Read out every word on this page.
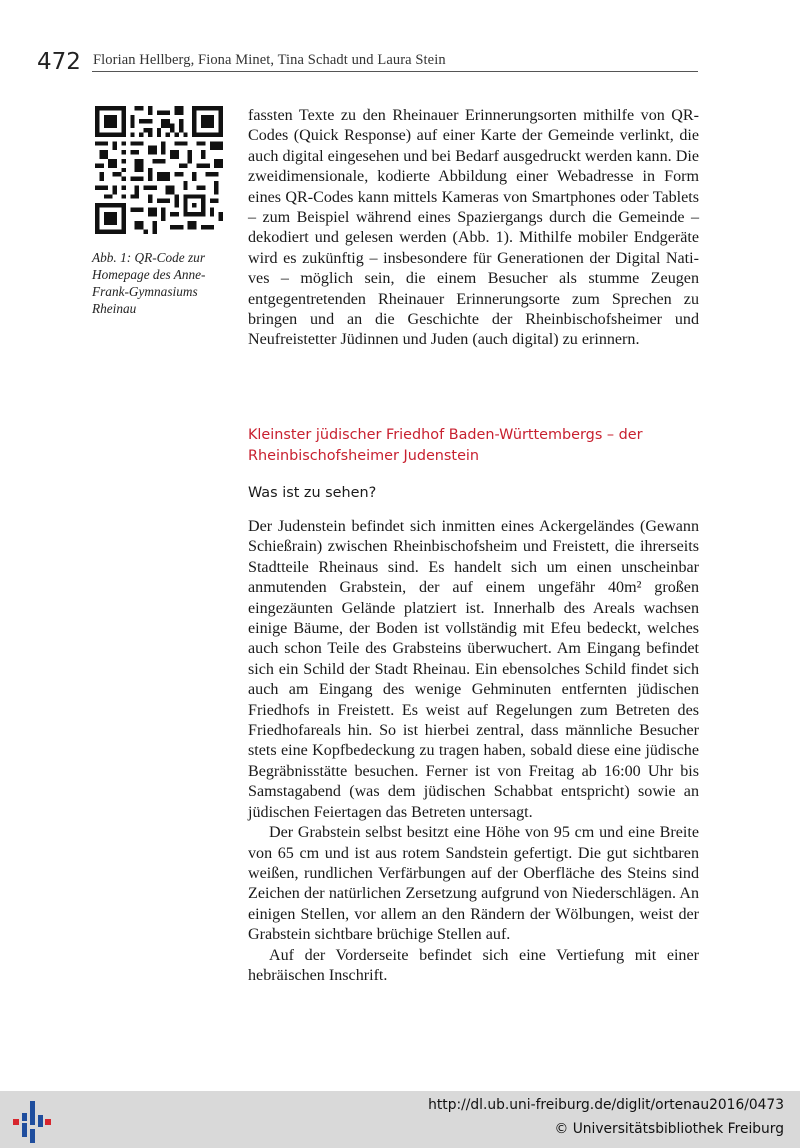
472 Florian Hellberg, Fiona Minet, Tina Schadt und Laura Stein
Abb. 1: QR-Code zur Homepage des Anne-Frank-Gymnasiums Rheinau

fassten Texte zu den Rheinauer Erinnerungsorten mithilfe von QR-Codes (Quick Response) auf einer Karte der Gemeinde verlinkt, die auch digital eingesehen und bei Bedarf ausgedruckt werden kann. Die zweidimensionale, kodierte Abbildung einer Webadresse in Form eines QR-Codes kann mittels Kameras von Smartphones oder Tablets – zum Beispiel während eines Spaziergangs durch die Gemeinde – dekodiert und gelesen werden (Abb. 1). Mithilfe mobiler Endgeräte wird es zukünftig – insbesondere für Generationen der Digital Natives – möglich sein, die einem Besucher als stumme Zeugen entgegentretenden Rheinauer Erinnerungsorte zum Sprechen zu bringen und an die Geschichte der Rheinbischofsheimer und Neufreistetter Jüdinnen und Juden (auch digital) zu erinnern.

Kleinster jüdischer Friedhof Baden-Württembergs – der Rheinbischofsheimer Judenstein
Was ist zu sehen?

Der Judenstein befindet sich inmitten eines Ackergeländes (Gewann Schießrain) zwischen Rheinbischofsheim und Freistett, die ihrerseits Stadtteile Rheinaus sind. Es handelt sich um einen unscheinbar anmutenden Grabstein, der auf einem ungefähr 40m² großen eingezäunten Gelände platziert ist. Innerhalb des Areals wachsen einige Bäume, der Boden ist vollständig mit Efeu bedeckt, welches auch schon Teile des Grabsteins überwuchert. Am Eingang befindet sich ein Schild der Stadt Rheinau. Ein ebensolches Schild findet sich auch am Eingang des wenige Gehminuten entfernten jüdischen Friedhofs in Freistett. Es weist auf Regelungen zum Betreten des Friedhofareals hin. So ist hierbei zentral, dass männliche Besucher stets eine Kopfbedeckung zu tragen haben, sobald diese eine jüdische Begräbnisstätte besuchen. Ferner ist von Freitag ab 16:00 Uhr bis Samstagabend (was dem jüdischen Schabbat entspricht) sowie an jüdischen Feiertagen das Betreten untersagt.

Der Grabstein selbst besitzt eine Höhe von 95 cm und eine Breite von 65 cm und ist aus rotem Sandstein gefertigt. Die gut sichtbaren weißen, rundlichen Verfärbungen auf der Oberfläche des Steins sind Zeichen der natürlichen Zersetzung aufgrund von Niederschlägen. An einigen Stellen, vor allem an den Rändern der Wölbungen, weist der Grabstein sichtbare brüchige Stellen auf.

Auf der Vorderseite befindet sich eine Vertiefung mit einer hebräischen Inschrift.

http://dl.ub.uni-freiburg.de/diglit/ortenau2016/0473
© Universitätsbibliothek Freiburg
